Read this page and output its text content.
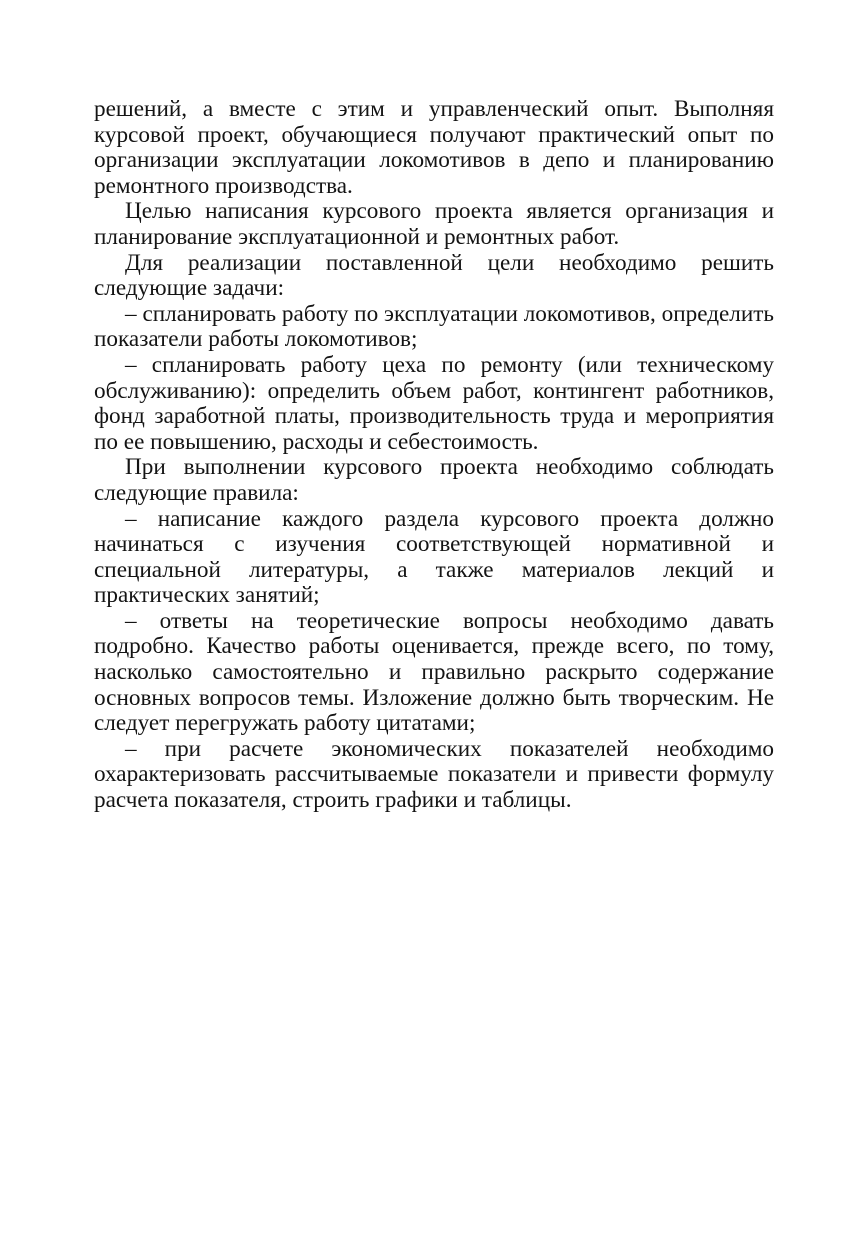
решений, а вместе с этим и управленческий опыт. Выполняя курсовой проект, обучающиеся получают практический опыт по организации эксплуатации локомотивов в депо и планированию ремонтного производства.

Целью написания курсового проекта является организация и планирование эксплуатационной и ремонтных работ.

Для реализации поставленной цели необходимо решить следующие задачи:

– спланировать работу по эксплуатации локомотивов, определить показатели работы локомотивов;

– спланировать работу цеха по ремонту (или техническому обслуживанию): определить объем работ, контингент работников, фонд заработной платы, производительность труда и мероприятия по ее повышению, расходы и себестоимость.

При выполнении курсового проекта необходимо соблюдать следующие правила:

– написание каждого раздела курсового проекта должно начинаться с изучения соответствующей нормативной и специальной литературы, а также материалов лекций и практических занятий;

– ответы на теоретические вопросы необходимо давать подробно. Качество работы оценивается, прежде всего, по тому, насколько самостоятельно и правильно раскрыто содержание основных вопросов темы. Изложение должно быть творческим. Не следует перегружать работу цитатами;

– при расчете экономических показателей необходимо охарактеризовать рассчитываемые показатели и привести формулу расчета показателя, строить графики и таблицы.
